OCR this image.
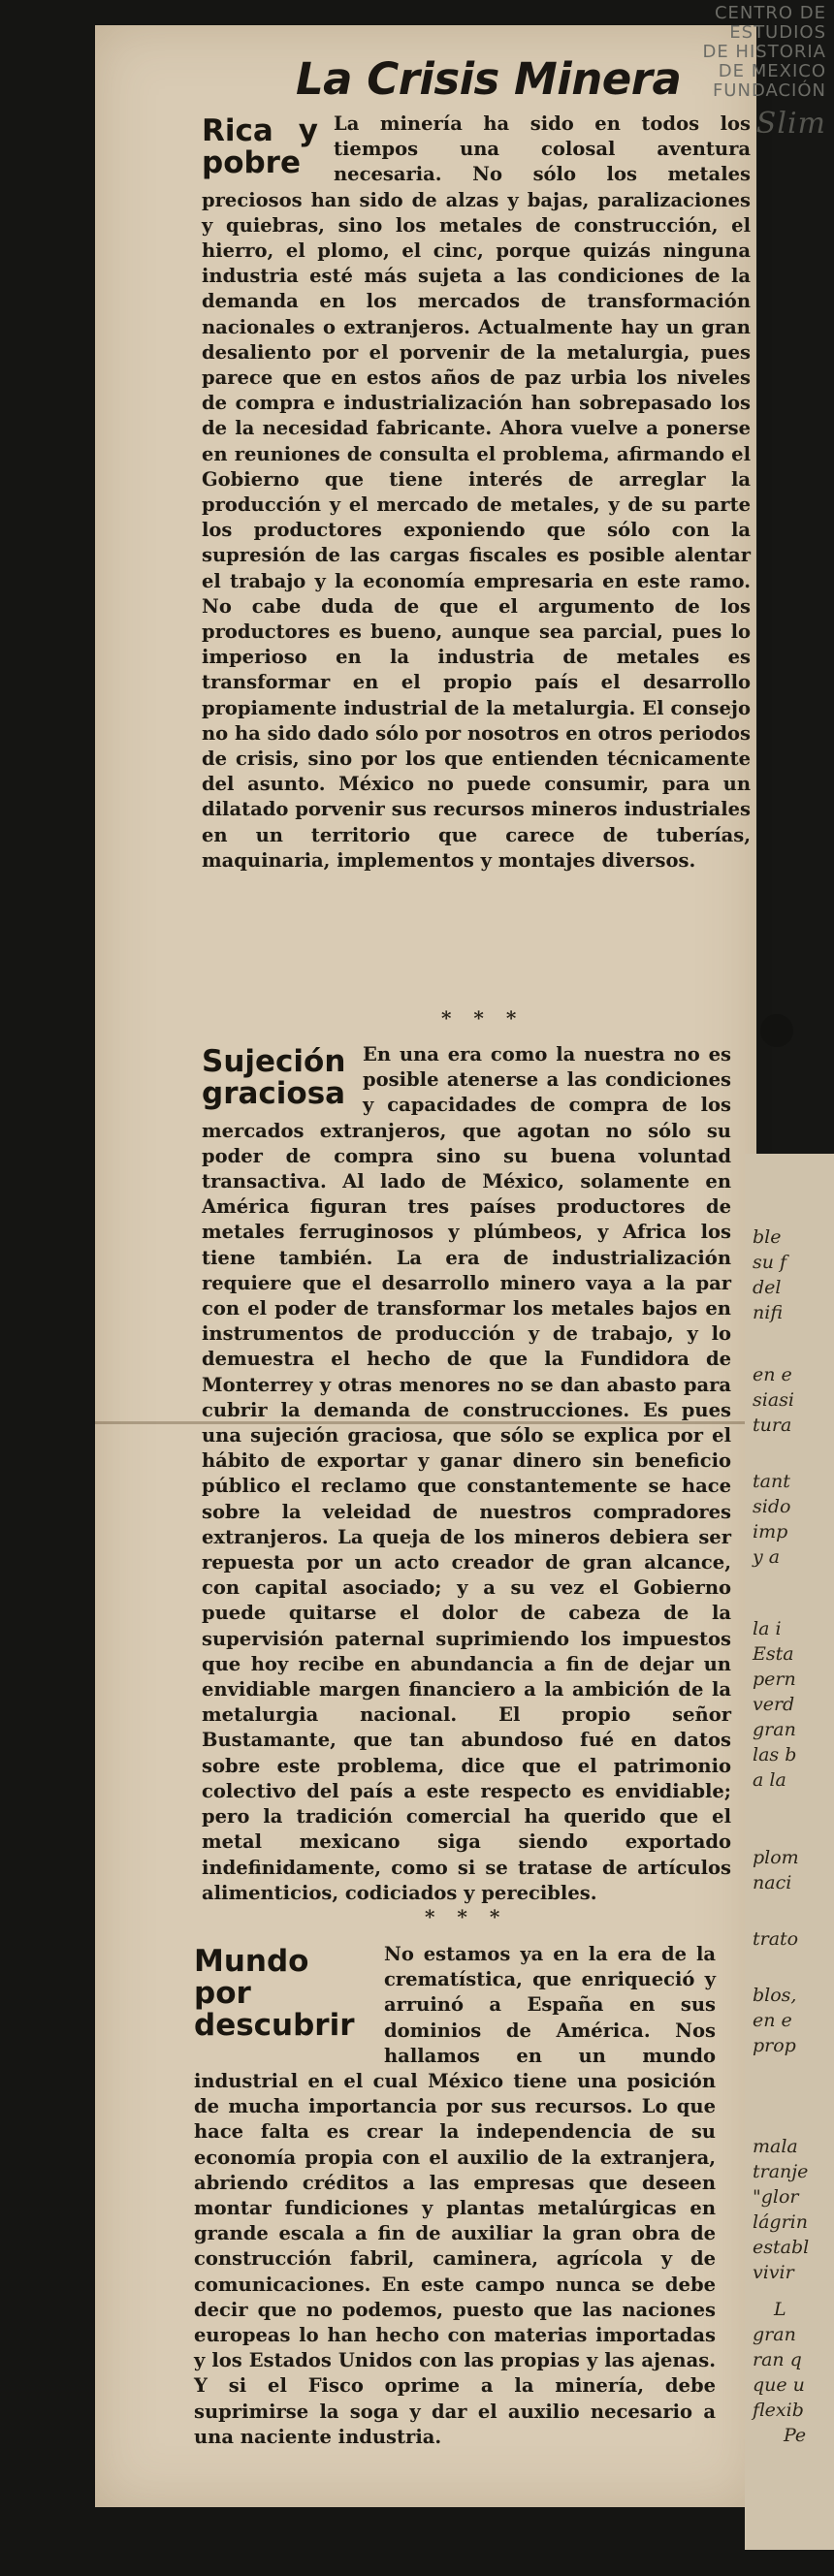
CENTRO DE
ESTUDIOS
DE HISTORIA
DE MEXICO
FUNDACIÓN
Slim
La Crisis Minera
Rica y pobre
La minería ha sido en todos los tiempos una colosal aventura necesaria. No sólo los metales preciosos han sido de alzas y bajas, paralizaciones y quiebras, sino los metales de construcción, el hierro, el plomo, el cinc, porque quizás ninguna industria esté más sujeta a las condiciones de la demanda en los mercados de transformación nacionales o extranjeros. Actualmente hay un gran desaliento por el porvenir de la metalurgia, pues parece que en estos años de paz urbia los niveles de compra e industrialización han sobrepasado los de la necesidad fabricante. Ahora vuelve a ponerse en reuniones de consulta el problema, afirmando el Gobierno que tiene interés de arreglar la producción y el mercado de metales, y de su parte los productores exponiendo que sólo con la supresión de las cargas fiscales es posible alentar el trabajo y la economía empresaria en este ramo. No cabe duda de que el argumento de los productores es bueno, aunque sea parcial, pues lo imperioso en la industria de metales es transformar en el propio país el desarrollo propiamente industrial de la metalurgia. El consejo no ha sido dado sólo por nosotros en otros periodos de crisis, sino por los que entienden técnicamente del asunto. México no puede consumir, para un dilatado porvenir sus recursos mineros industriales en un territorio que carece de tuberías, maquinaria, implementos y montajes diversos.
* * *
Sujeción graciosa
En una era como la nuestra no es posible atenerse a las condiciones y capacidades de compra de los mercados extranjeros, que agotan no sólo su poder de compra sino su buena voluntad transactiva. Al lado de México, solamente en América figuran tres países productores de metales ferruginosos y plúmbeos, y Africa los tiene también. La era de industrialización requiere que el desarrollo minero vaya a la par con el poder de transformar los metales bajos en instrumentos de producción y de trabajo, y lo demuestra el hecho de que la Fundidora de Monterrey y otras menores no se dan abasto para cubrir la demanda de construcciones. Es pues una sujeción graciosa, que sólo se explica por el hábito de exportar y ganar dinero sin beneficio público el reclamo que constantemente se hace sobre la veleidad de nuestros compradores extranjeros. La queja de los mineros debiera ser repuesta por un acto creador de gran alcance, con capital asociado; y a su vez el Gobierno puede quitarse el dolor de cabeza de la supervisión paternal suprimiendo los impuestos que hoy recibe en abundancia a fin de dejar un envidiable margen financiero a la ambición de la metalurgia nacional. El propio señor Bustamante, que tan abundoso fué en datos sobre este problema, dice que el patrimonio colectivo del país a este respecto es envidiable; pero la tradición comercial ha querido que el metal mexicano siga siendo exportado indefinidamente, como si se tratase de artículos alimenticios, codiciados y perecibles.
* * *
Mundo por descubrir
No estamos ya en la era de la crematística, que enriqueció y arruinó a España en sus dominios de América. Nos hallamos en un mundo industrial en el cual México tiene una posición de mucha importancia por sus recursos. Lo que hace falta es crear la independencia de su economía propia con el auxilio de la extranjera, abriendo créditos a las empresas que deseen montar fundiciones y plantas metalúrgicas en grande escala a fin de auxiliar la gran obra de construcción fabril, caminera, agrícola y de comunicaciones. En este campo nunca se debe decir que no podemos, puesto que las naciones europeas lo han hecho con materias importadas y los Estados Unidos con las propias y las ajenas. Y si el Fisco oprime a la minería, debe suprimirse la soga y dar el auxilio necesario a una naciente industria.
ble
su f
del
nifi
en e
siasi
tura
tant
sido
imp
y a
la i
Esta
pern
verd
gran
las b
a la
plom
naci
trato
blos,
en e
prop
mala
tranje
"glor
lágrin
establ
vivir
L
gran
ran q
que u
flexib
Pe
